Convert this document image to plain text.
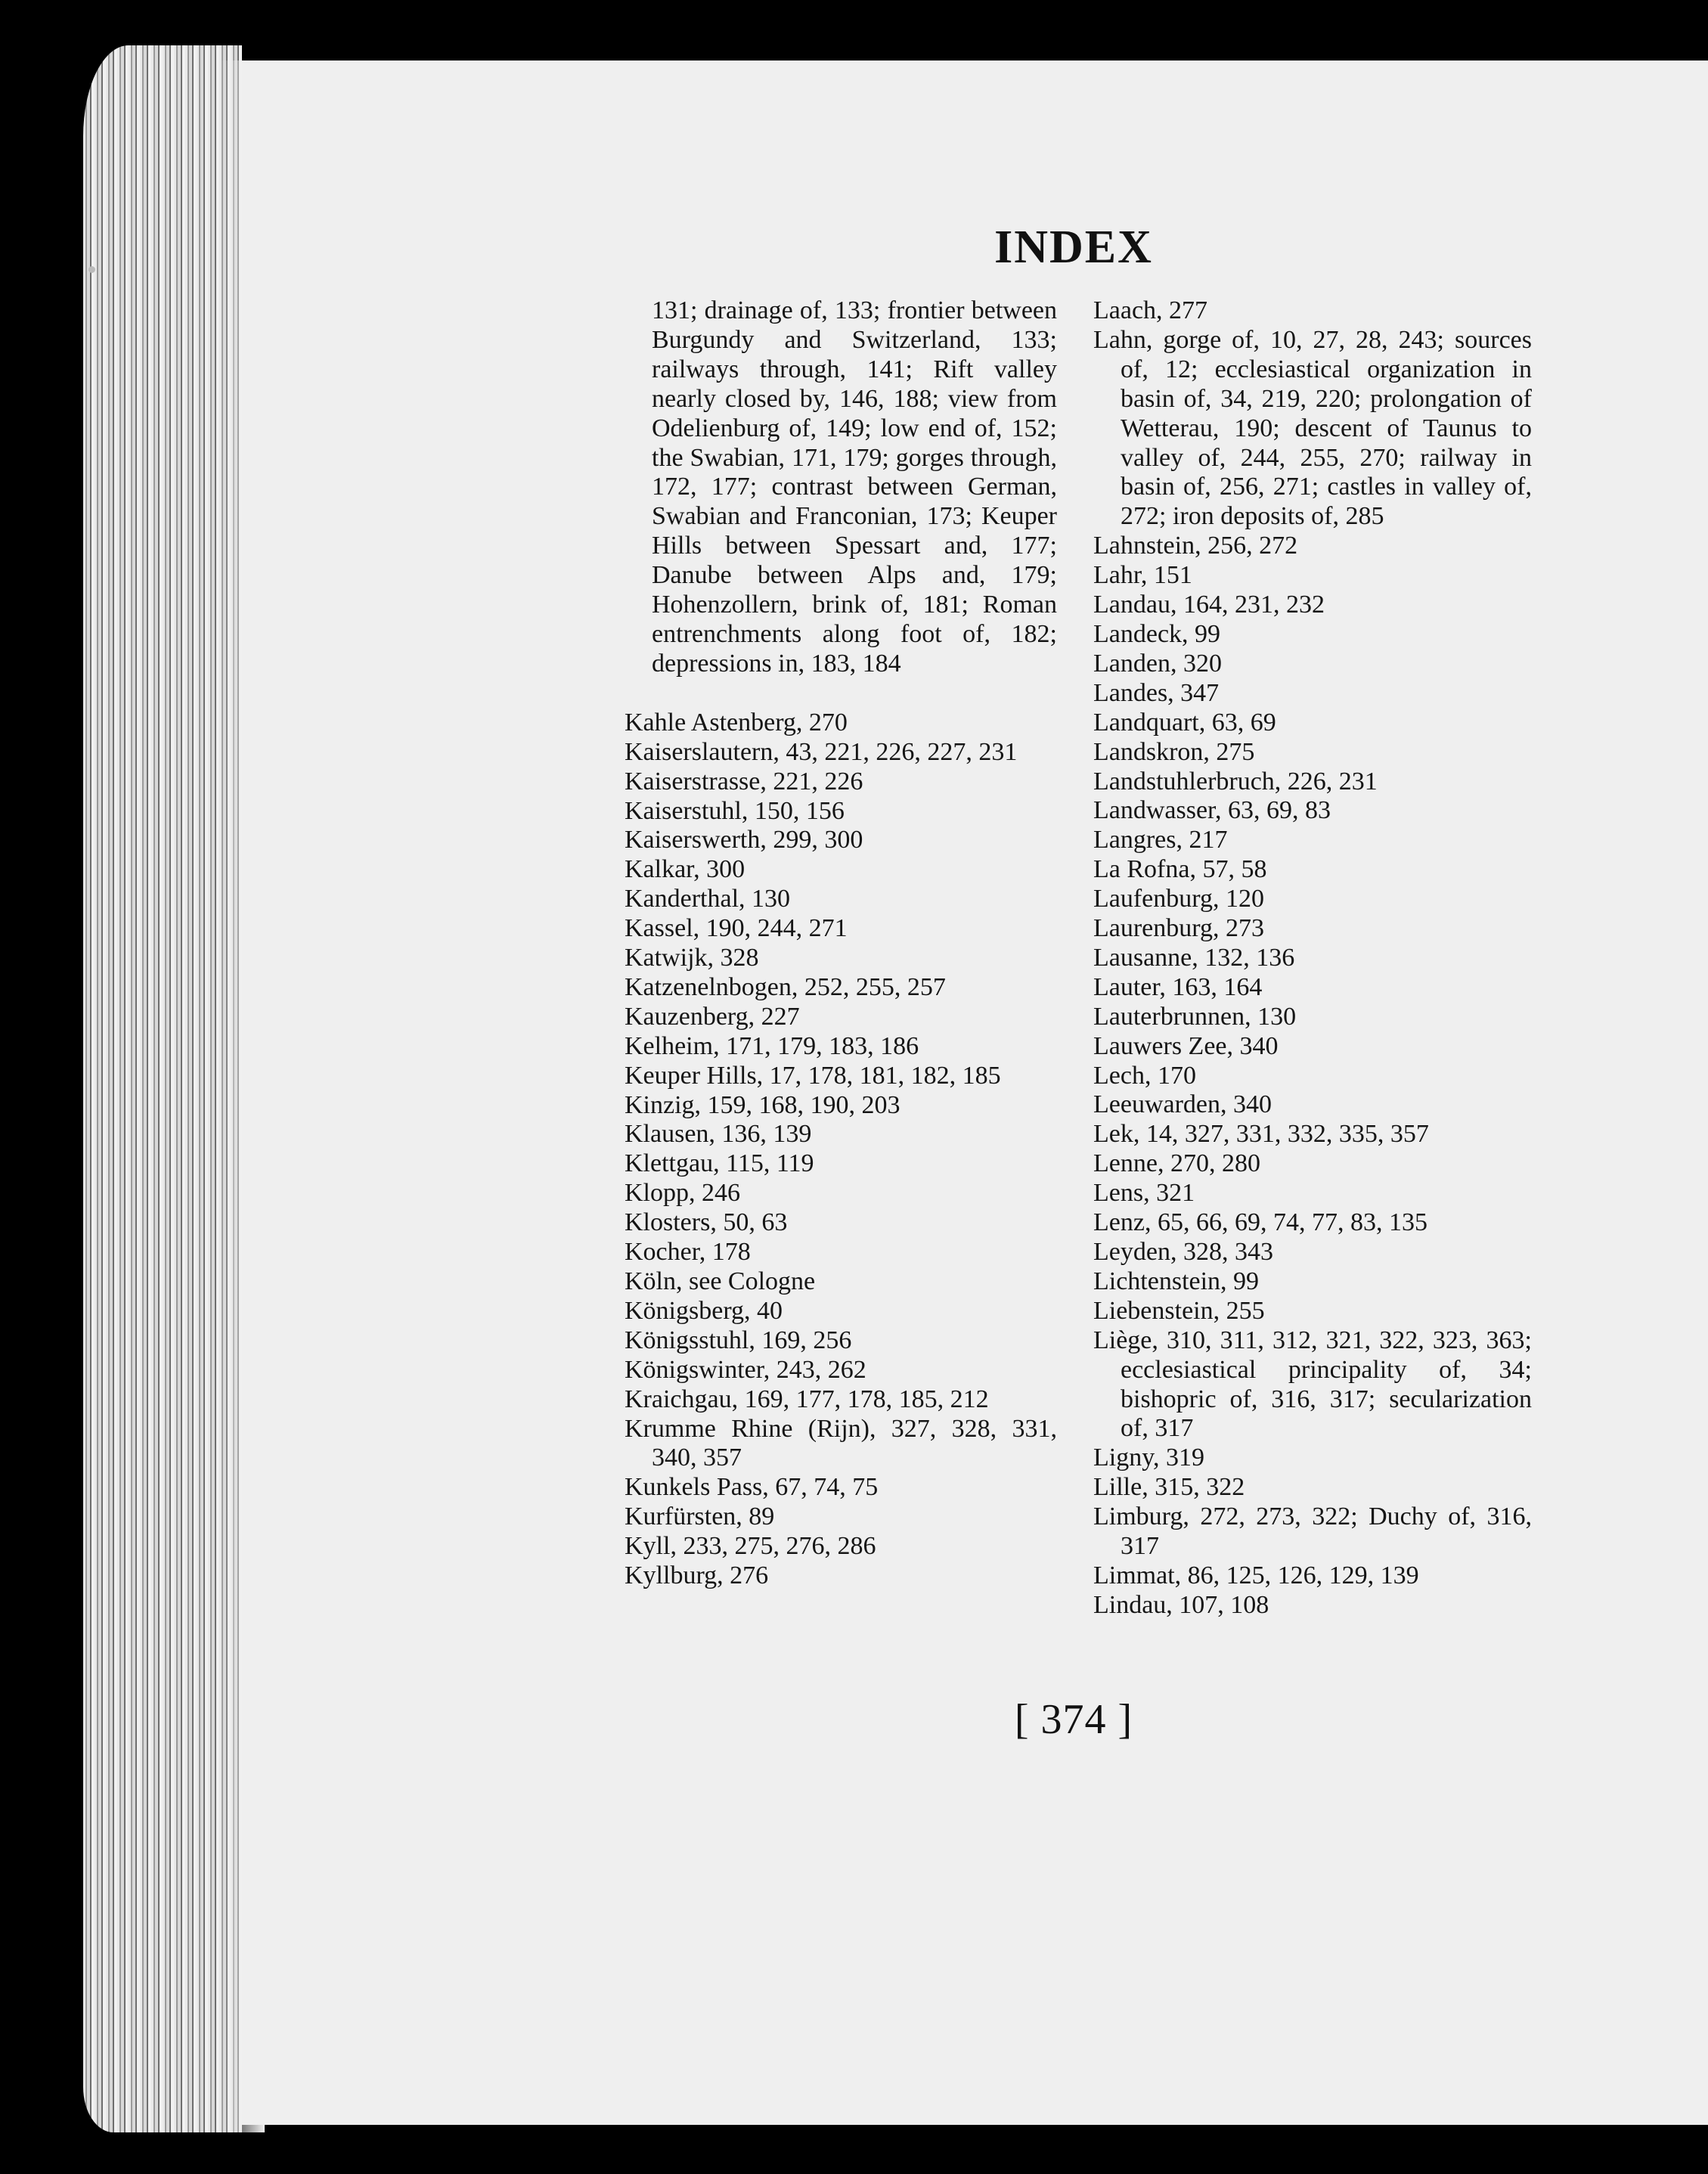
INDEX
131; drainage of, 133; frontier between Burgundy and Switzerland, 133; railways through, 141; Rift valley nearly closed by, 146, 188; view from Odelienburg of, 149; low end of, 152; the Swabian, 171, 179; gorges through, 172, 177; contrast between German, Swabian and Franconian, 173; Keuper Hills between Spessart and, 177; Danube between Alps and, 179; Hohenzollern, brink of, 181; Roman entrenchments along foot of, 182; depressions in, 183, 184
Kahle Astenberg, 270
Kaiserslautern, 43, 221, 226, 227, 231
Kaiserstrasse, 221, 226
Kaiserstuhl, 150, 156
Kaiserswerth, 299, 300
Kalkar, 300
Kanderthal, 130
Kassel, 190, 244, 271
Katwijk, 328
Katzenelnbogen, 252, 255, 257
Kauzenberg, 227
Kelheim, 171, 179, 183, 186
Keuper Hills, 17, 178, 181, 182, 185
Kinzig, 159, 168, 190, 203
Klausen, 136, 139
Klettgau, 115, 119
Klopp, 246
Klosters, 50, 63
Kocher, 178
Köln, see Cologne
Königsberg, 40
Königsstuhl, 169, 256
Königswinter, 243, 262
Kraichgau, 169, 177, 178, 185, 212
Krumme Rhine (Rijn), 327, 328, 331, 340, 357
Kunkels Pass, 67, 74, 75
Kurfürsten, 89
Kyll, 233, 275, 276, 286
Kyllburg, 276
Laach, 277
Lahn, gorge of, 10, 27, 28, 243; sources of, 12; ecclesiastical organization in basin of, 34, 219, 220; prolongation of Wetterau, 190; descent of Taunus to valley of, 244, 255, 270; railway in basin of, 256, 271; castles in valley of, 272; iron deposits of, 285
Lahnstein, 256, 272
Lahr, 151
Landau, 164, 231, 232
Landeck, 99
Landen, 320
Landes, 347
Landquart, 63, 69
Landskron, 275
Landstuhlerbruch, 226, 231
Landwasser, 63, 69, 83
Langres, 217
La Rofna, 57, 58
Laufenburg, 120
Laurenburg, 273
Lausanne, 132, 136
Lauter, 163, 164
Lauterbrunnen, 130
Lauwers Zee, 340
Lech, 170
Leeuwarden, 340
Lek, 14, 327, 331, 332, 335, 357
Lenne, 270, 280
Lens, 321
Lenz, 65, 66, 69, 74, 77, 83, 135
Leyden, 328, 343
Lichtenstein, 99
Liebenstein, 255
Liège, 310, 311, 312, 321, 322, 323, 363; ecclesiastical principality of, 34; bishopric of, 316, 317; secularization of, 317
Ligny, 319
Lille, 315, 322
Limburg, 272, 273, 322; Duchy of, 316, 317
Limmat, 86, 125, 126, 129, 139
Lindau, 107, 108
[ 374 ]
